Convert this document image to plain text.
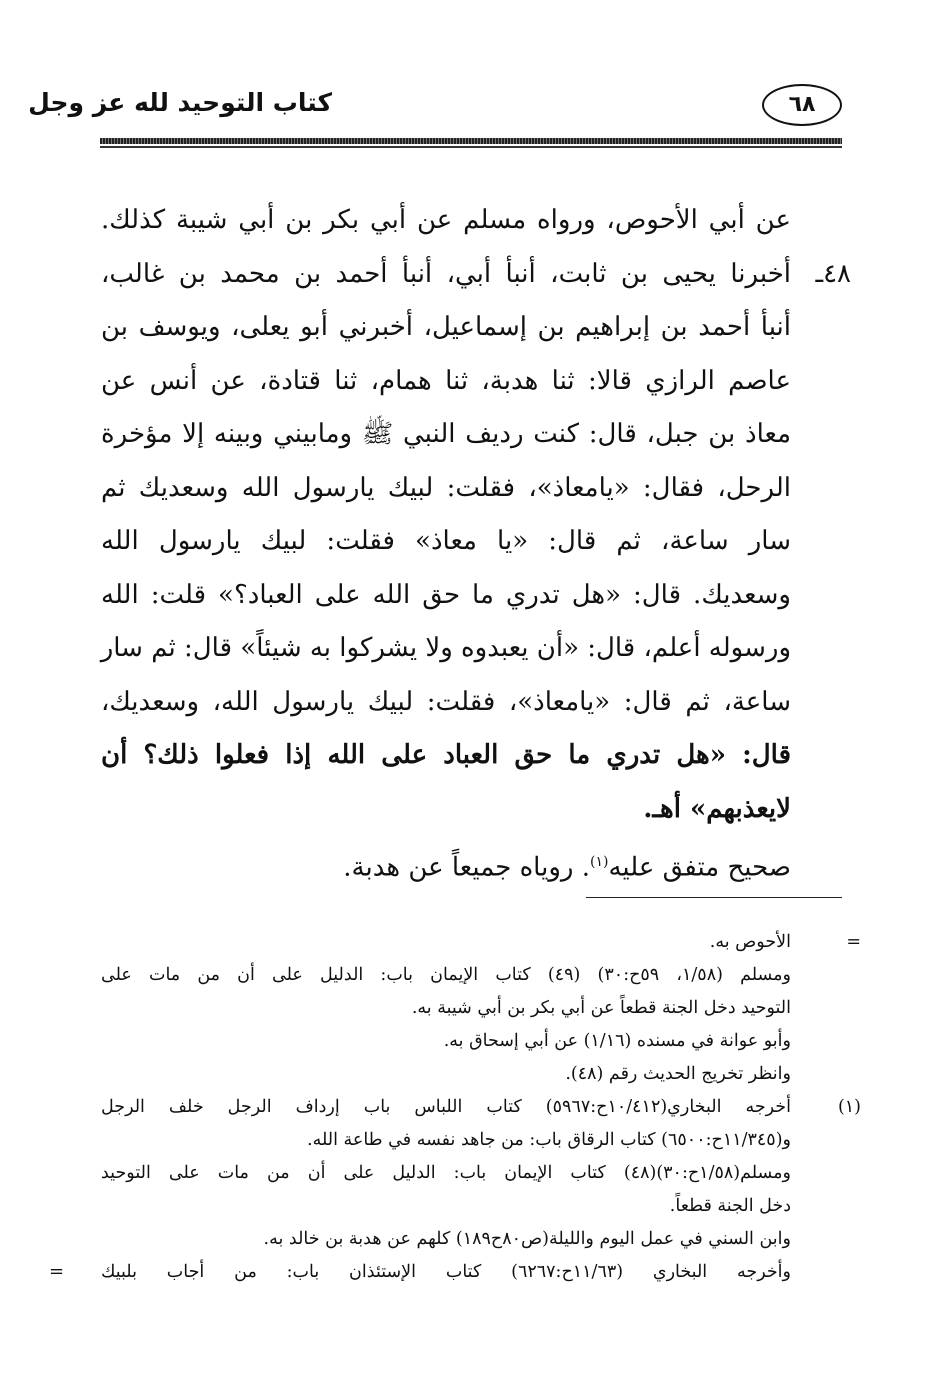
٦٨
كتاب التوحيد لله عز وجل
عن أبي الأحوص، ورواه مسلم عن أبي بكر بن أبي شيبة كذلك.
٤٨ـ
أخبرنا يحيى بن ثابت، أنبأ أبي، أنبأ أحمد بن محمد بن غالب،
أنبأ أحمد بن إبراهيم بن إسماعيل، أخبرني أبو يعلى، ويوسف بن
عاصم الرازي قالا: ثنا هدبة، ثنا همام، ثنا قتادة، عن أنس عن
معاذ بن جبل، قال: كنت رديف النبي ﷺ ومابيني وبينه إلا مؤخرة
الرحل، فقال: «يامعاذ»، فقلت: لبيك يارسول الله وسعديك ثم
سار ساعة، ثم قال: «يا معاذ» فقلت: لبيك يارسول الله
وسعديك. قال: «هل تدري ما حق الله على العباد؟» قلت: الله
ورسوله أعلم، قال: «أن يعبدوه ولا يشركوا به شيئاً» قال: ثم سار
ساعة، ثم قال: «يامعاذ»، فقلت: لبيك يارسول الله، وسعديك،
قال: «هل تدري ما حق العباد على الله إذا فعلوا ذلك؟ أن
لايعذبهم» أهـ.
صحيح متفق عليه$^{(١)}$. روياه جميعاً عن هدبة.
=
الأحوص به.
ومسلم (١/٥٨، ٥٩ح:٣٠) (٤٩) كتاب الإيمان باب: الدليل على أن من مات على
التوحيد دخل الجنة قطعاً عن أبي بكر بن أبي شيبة به.
وأبو عوانة في مسنده (١/١٦) عن أبي إسحاق به.
وانظر تخريج الحديث رقم (٤٨).
(١)
أخرجه البخاري(١٠/٤١٢ح:٥٩٦٧) كتاب اللباس باب إرداف الرجل خلف الرجل
و(١١/٣٤٥ح:٦٥٠٠) كتاب الرقاق باب: من جاهد نفسه في طاعة الله.
ومسلم(١/٥٨ح:٣٠)(٤٨) كتاب الإيمان باب: الدليل على أن من مات على التوحيد
دخل الجنة قطعاً.
وابن السني في عمل اليوم والليلة(ص٨٠ح١٨٩) كلهم عن هدبة بن خالد به.
وأخرجه البخاري (١١/٦٣ح:٦٢٦٧) كتاب الإستئذان باب: من أجاب بلبيك
=
